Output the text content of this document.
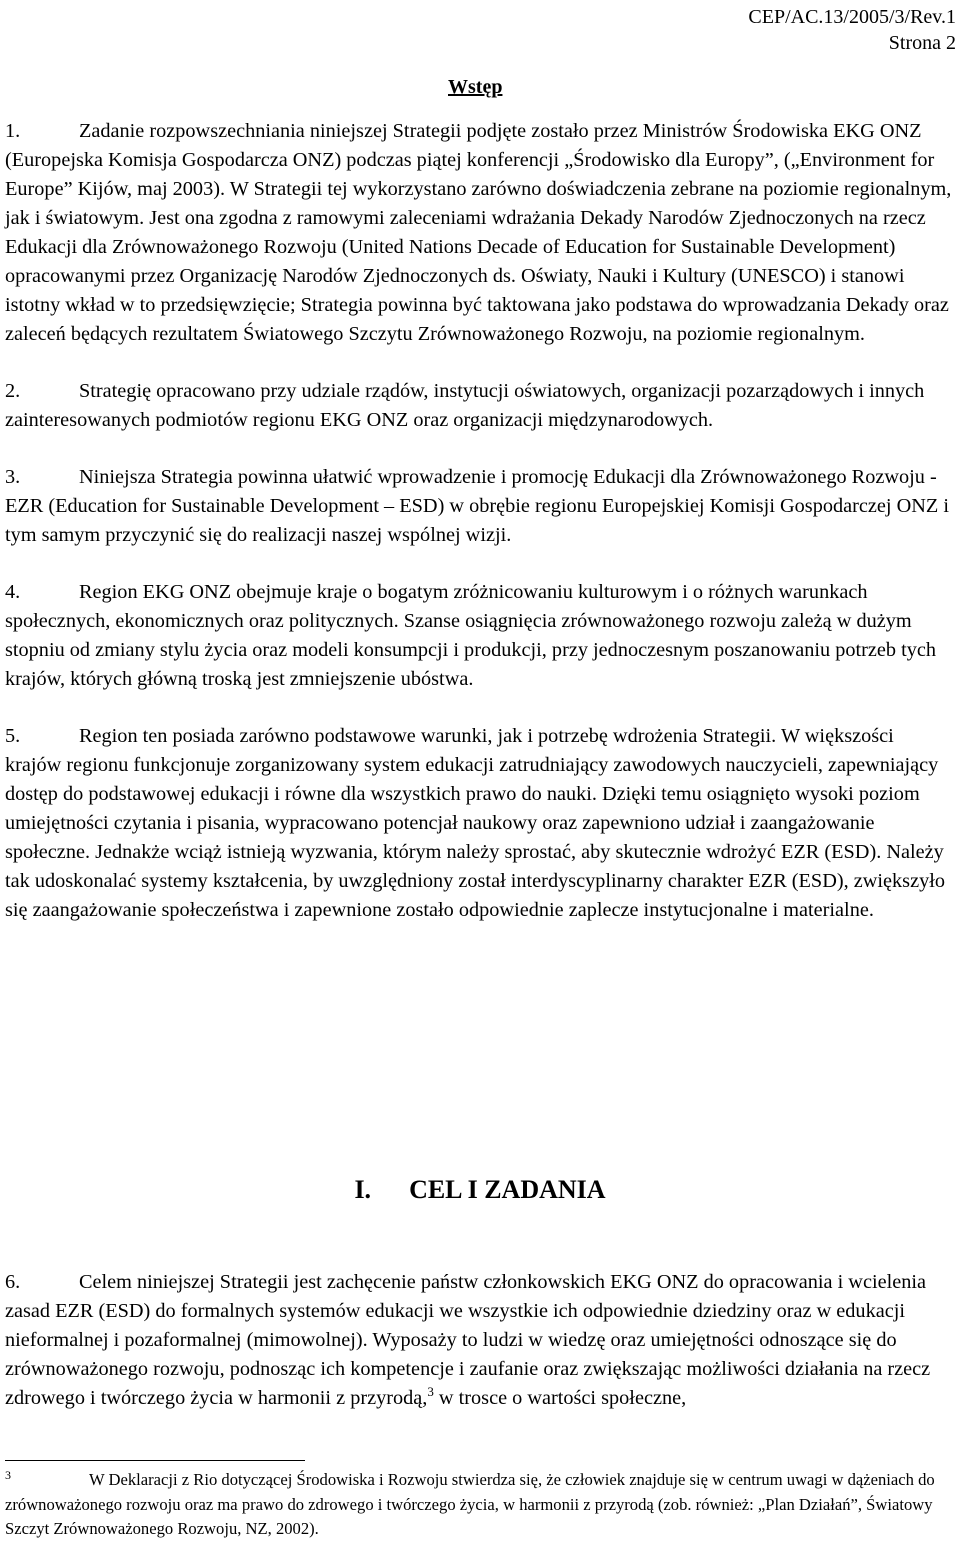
CEP/AC.13/2005/3/Rev.1
Strona 2
Wstęp

1.	Zadanie rozpowszechniania niniejszej Strategii podjęte zostało przez Ministrów Środowiska EKG ONZ (Europejska Komisja Gospodarcza ONZ) podczas piątej konferencji „Środowisko dla Europy”, („Environment for Europe” Kijów, maj 2003). W Strategii tej wykorzystano zarówno doświadczenia zebrane na poziomie regionalnym, jak i światowym. Jest ona zgodna z ramowymi zaleceniami wdrażania Dekady Narodów Zjednoczonych na rzecz Edukacji dla Zrównoważonego Rozwoju (United Nations Decade of Education for Sustainable Development) opracowanymi przez Organizację Narodów Zjednoczonych ds. Oświaty, Nauki i Kultury (UNESCO) i stanowi istotny wkład w to przedsięwzięcie; Strategia powinna być taktowana jako podstawa do wprowadzania Dekady oraz zaleceń będących rezultatem Światowego Szczytu Zrównoważonego Rozwoju, na poziomie regionalnym.

2.	Strategię opracowano przy udziale rządów, instytucji oświatowych, organizacji pozarządowych i innych zainteresowanych podmiotów regionu EKG ONZ oraz organizacji międzynarodowych.

3.	Niniejsza Strategia powinna ułatwić wprowadzenie i promocję Edukacji dla Zrównoważonego Rozwoju - EZR (Education for Sustainable Development – ESD) w obrębie regionu Europejskiej Komisji Gospodarczej ONZ i tym samym przyczynić się do realizacji naszej wspólnej wizji.

4.	Region EKG ONZ obejmuje kraje o bogatym zróżnicowaniu kulturowym i o różnych warunkach społecznych, ekonomicznych oraz politycznych. Szanse osiągnięcia zrównoważonego rozwoju zależą w dużym stopniu od zmiany stylu życia oraz modeli konsumpcji i produkcji, przy jednoczesnym poszanowaniu potrzeb tych krajów, których główną troską jest zmniejszenie ubóstwa.

5.	Region ten posiada zarówno podstawowe warunki, jak i potrzebę wdrożenia Strategii. W większości krajów regionu funkcjonuje zorganizowany system edukacji zatrudniający zawodowych nauczycieli, zapewniający dostęp do podstawowej edukacji i równe dla wszystkich prawo do nauki. Dzięki temu osiągnięto wysoki poziom umiejętności czytania i pisania, wypracowano potencjał naukowy oraz zapewniono udział i zaangażowanie społeczne. Jednakże wciąż istnieją wyzwania, którym należy sprostać, aby skutecznie wdrożyć EZR (ESD). Należy tak udoskonalać systemy kształcenia, by uwzględniony został interdyscyplinarny charakter EZR (ESD), zwiększyło się zaangażowanie społeczeństwa i zapewnione zostało odpowiednie zaplecze instytucjonalne i materialne.

I. CEL I ZADANIA

6.	Celem niniejszej Strategii jest zachęcenie państw członkowskich EKG ONZ do opracowania i wcielenia zasad EZR (ESD) do formalnych systemów edukacji we wszystkie ich odpowiednie dziedziny oraz w edukacji nieformalnej i pozaformalnej (mimowolnej). Wyposaży to ludzi w wiedzę oraz umiejętności odnoszące się do zrównoważonego rozwoju, podnosząc ich kompetencje i zaufanie oraz zwiększając możliwości działania na rzecz zdrowego i twórczego życia w harmonii z przyrodą,$^3$ w trosce o wartości społeczne,

3	W Deklaracji z Rio dotyczącej Środowiska i Rozwoju stwierdza się, że człowiek znajduje się w centrum uwagi w dążeniach do zrównoważonego rozwoju oraz ma prawo do zdrowego i twórczego życia, w harmonii z przyrodą (zob. również: „Plan Działań”, Światowy Szczyt Zrównoważonego Rozwoju, NZ, 2002).
